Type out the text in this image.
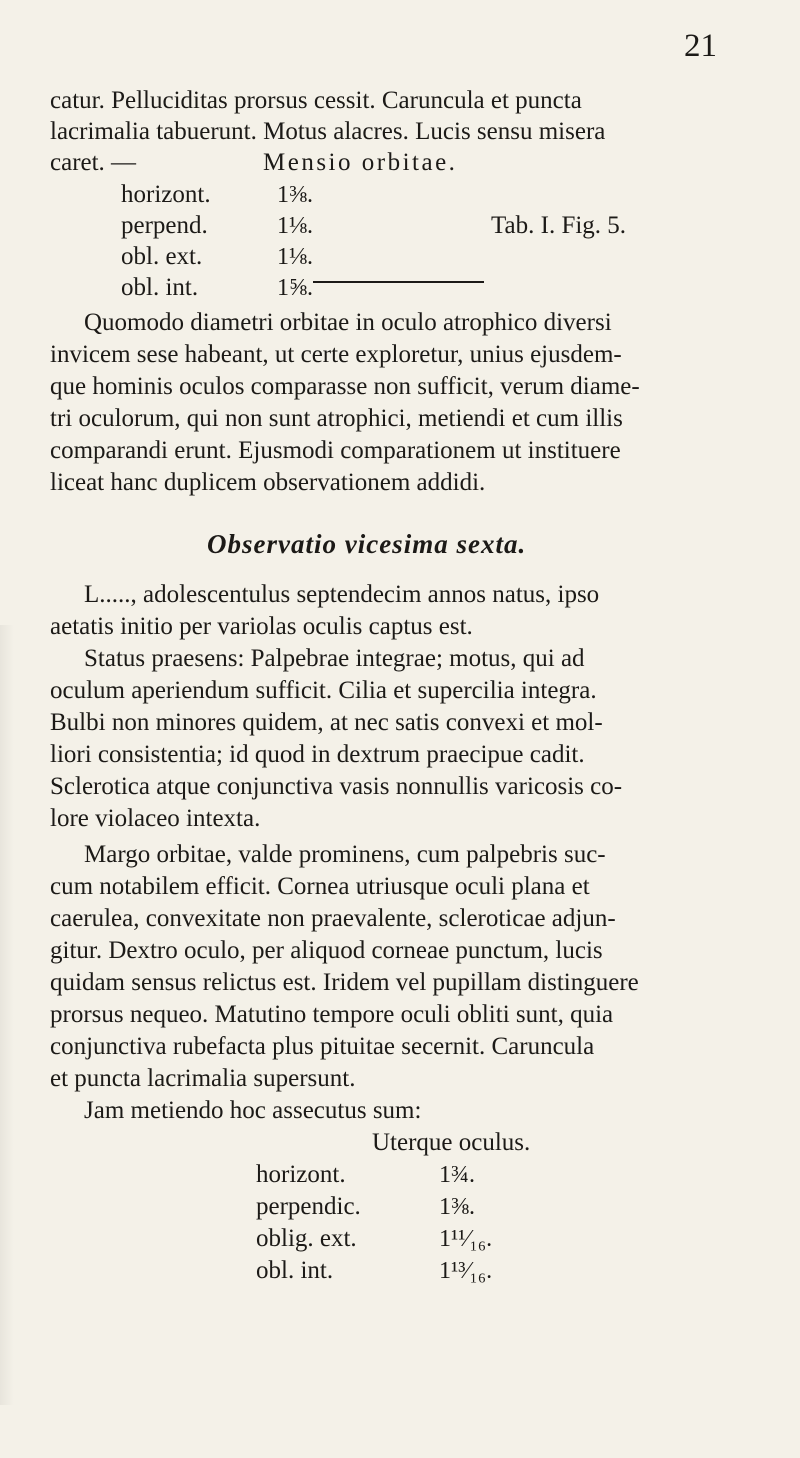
21
catur. Pelluciditas prorsus cessit. Caruncula et puncta
lacrimalia tabuerunt. Motus alacres. Lucis sensu misera
caret. —	Mensio orbitae.
horizont.	1⅜.
perpend.	1⅛.
obl. ext.	1⅛.
obl. int.	1⅝.
Tab. I. Fig. 5.
Quomodo diametri orbitae in oculo atrophico diversi
invicem sese habeant, ut certe exploretur, unius ejusdem-
que hominis oculos comparasse non sufficit, verum diame-
tri oculorum, qui non sunt atrophici, metiendi et cum illis
comparandi erunt. Ejusmodi comparationem ut instituere
liceat hanc duplicem observationem addidi.
Observatio vicesima sexta.
L....., adolescentulus septendecim annos natus, ipso
aetatis initio per variolas oculis captus est.
Status praesens: Palpebrae integrae; motus, qui ad
oculum aperiendum sufficit. Cilia et supercilia integra.
Bulbi non minores quidem, at nec satis convexi et mol-
liori consistentia; id quod in dextrum praecipue cadit.
Sclerotica atque conjunctiva vasis nonnullis varicosis co-
lore violaceo intexta.
Margo orbitae, valde prominens, cum palpebris suc-
cum notabilem efficit. Cornea utriusque oculi plana et
caerulea, convexitate non praevalente, scleroticae adjun-
gitur. Dextro oculo, per aliquod corneae punctum, lucis
quidam sensus relictus est. Iridem vel pupillam distinguere
prorsus nequeo. Matutino tempore oculi obliti sunt, quia
conjunctiva rubefacta plus pituitae secernit. Caruncula
et puncta lacrimalia supersunt.
Jam metiendo hoc assecutus sum:
Uterque oculus.
horizont.	1¾.
perpendic.	1⅜.
oblig. ext.	1¹¹⁄₁₆.
obl. int.	1¹³⁄₁₆.
